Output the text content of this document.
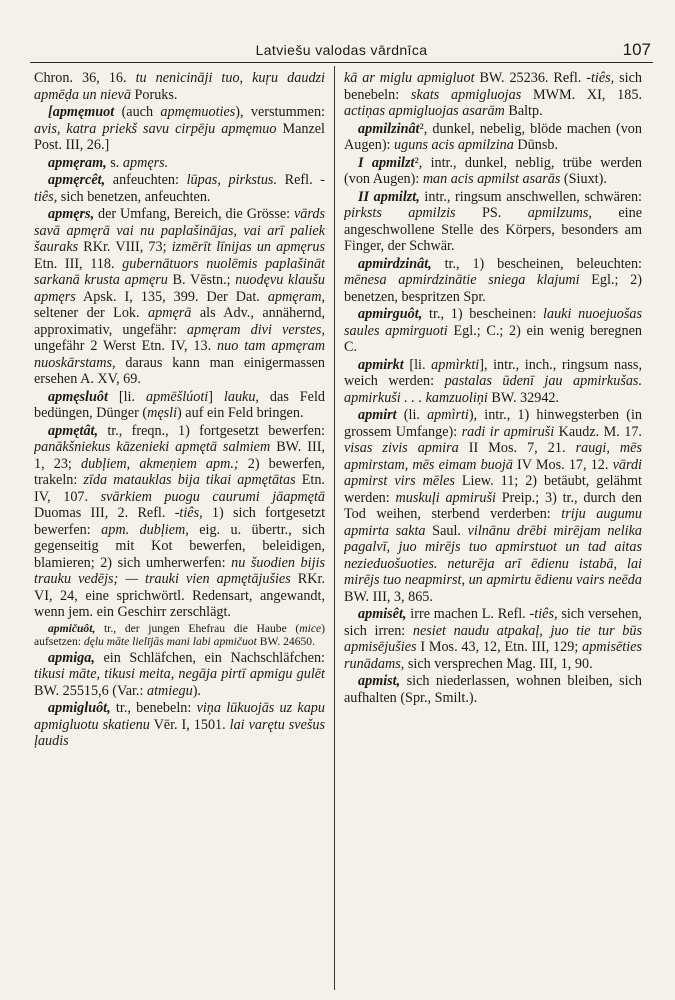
Latviešu valodas vārdnīca	107

Chron. 36, 16. tu nenicināji tuo, kuŗu daudzi apmēḍa un nievā Poruks.

[apmęmuot (auch apmęmuoties), verstummen: avis, katra priekš savu cirpēju apmęmuo Manzel Post. III, 26.]

apmęram, s. apmęrs.

apmęrcêt, anfeuchten: lūpas, pirkstus. Refl. -tiês, sich benetzen, anfeuchten.

apmęrs, der Umfang, Bereich, die Grösse: vārds savā apmęrā vai nu paplašinājas, vai arī paliek šauraks RKr. VIII, 73; izmērīt līnijas un apmęrus Etn. III, 118. gubernātuors nuolēmis paplašināt sarkanā krusta apmęru B. Vēstn.; nuodęvu klaušu apmęrs Apsk. I, 135, 399. Der Dat. apmęram, seltener der Lok. apmęrā als Adv., annähernd, approximativ, ungefähr: apmęram divi verstes, ungefähr 2 Werst Etn. IV, 13. nuo tam apmęram nuoskārstams, daraus kann man einigermassen ersehen A. XV, 69.

apmęsluôt [li. apmēšlúoti] lauku, das Feld bedüngen, Dünger (męsli) auf ein Feld bringen.

apmętât, tr., freqn., 1) fortgesetzt bewerfen: panākšniekus kāzenieki apmętā salmiem BW. III, 1, 23; dubļiem, akmeņiem apm.; 2) bewerfen, trakeln: zīda matauklas bija tikai apmętātas Etn. IV, 107. svārkiem puogu caurumi jāapmętā Duomas III, 2. Refl. -tiês, 1) sich fortgesetzt bewerfen: apm. dubļiem, eig. u. übertr., sich gegenseitig mit Kot bewerfen, beleidigen, blamieren; 2) sich umherwerfen: nu šuodien bijis trauku vedējs; — trauki vien apmętājušies RKr. VI, 24, eine sprichwörtl. Redensart, angewandt, wenn jem. ein Geschirr zerschlägt.

apmičuôt, tr., der jungen Ehefrau die Haube (mice) aufsetzen: dęlu māte lielījās mani labi apmičuot BW. 24650.

apmiga, ein Schläfchen, ein Nachschläfchen: tikusi māte, tikusi meita, negāja pirtī apmigu gulēt BW. 25515,6 (Var.: atmiegu).

apmigluôt, tr., benebeln: viņa lūkuojās uz kapu apmigluotu skatienu Vēr. I, 1501. lai varętu svešus ļaudis

kā ar miglu apmigluot BW. 25236. Refl. -tiês, sich benebeln: skats apmigluojas MWM. XI, 185. actiņas apmigluojas asarām Baltp.

apmilzinât², dunkel, nebelig, blöde machen (von Augen): uguns acis apmilzina Dūnsb.

I apmilzt², intr., dunkel, neblig, trübe werden (von Augen): man acis apmilst asarās (Siuxt).

II apmilzt, intr., ringsum anschwellen, schwären: pirksts apmilzis PS. apmilzums, eine angeschwollene Stelle des Körpers, besonders am Finger, der Schwär.

apmirdzinât, tr., 1) bescheinen, beleuchten: mēnesa apmirdzinātie sniega klajumi Egl.; 2) benetzen, bespritzen Spr.

apmirguôt, tr., 1) bescheinen: lauki nuoejuošas saules apmirguoti Egl.; C.; 2) ein wenig beregnen C.

apmirkt [li. apmìrkti], intr., inch., ringsum nass, weich werden: pastalas ūdenī jau apmirkušas. apmirkuši . . . kamzuoliņi BW. 32942.

apmirt (li. apmìrti), intr., 1) hinwegsterben (in grossem Umfange): radi ir apmiruši Kaudz. M. 17. visas zivis apmira II Mos. 7, 21. raugi, mēs apmirstam, mēs eimam buojā IV Mos. 17, 12. vārdi apmirst virs mēles Liew. 11; 2) betäubt, gelähmt werden: muskuļi apmiruši Preip.; 3) tr., durch den Tod weihen, sterbend verderben: triju augumu apmirta sakta Saul. vilnānu drēbi mirējam nelika pagalvī, juo mirējs tuo apmirstuot un tad aitas nezieduošuoties. neturēja arī ēdienu istabā, lai mirējs tuo neapmirst, un apmirtu ēdienu vairs neēda BW. III, 3, 865.

apmisêt, irre machen L. Refl. -tiês, sich versehen, sich irren: nesiet naudu atpakaļ, juo tie tur būs apmisējušies I Mos. 43, 12, Etn. III, 129; apmisēties runādams, sich versprechen Mag. III, 1, 90.

apmist, sich niederlassen, wohnen bleiben, sich aufhalten (Spr., Smilt.).
